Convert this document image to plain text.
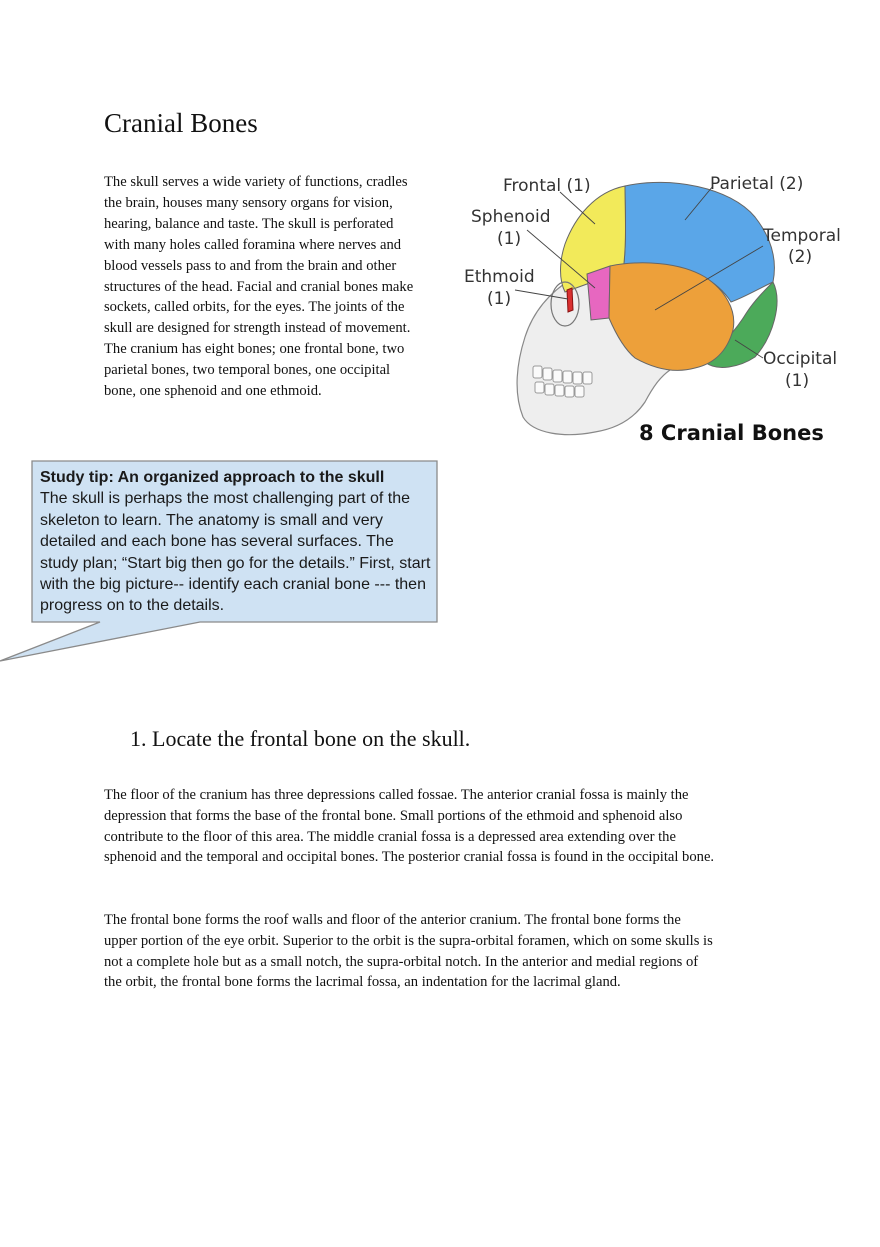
Cranial Bones

The skull serves a wide variety of functions, cradles the brain, houses many sensory organs for vision, hearing, balance and taste. The skull is perforated with many holes called foramina where nerves and blood vessels pass to and from the brain and other structures of the head. Facial and cranial bones make sockets, called orbits, for the eyes. The joints of the skull are designed for strength instead of movement. The cranium has eight bones; one frontal bone, two parietal bones, two temporal bones, one occipital bone, one sphenoid and one ethmoid.

Frontal (1)	Parietal (2)
Sphenoid
(1)	Temporal
(2)
Ethmoid
(1)
Occipital
(1)
8 Cranial Bones

Study tip: An organized approach to the skull
The skull is perhaps the most challenging part of the skeleton to learn. The anatomy is small and very detailed and each bone has several surfaces. The study plan; “Start big then go for the details.” First, start with the big picture-- identify each cranial bone --- then progress on to the details.

1. Locate the frontal bone on the skull.

The floor of the cranium has three depressions called fossae. The anterior cranial fossa is mainly the depression that forms the base of the frontal bone. Small portions of the ethmoid and sphenoid also contribute to the floor of this area. The middle cranial fossa is a depressed area extending over the sphenoid and the temporal and occipital bones. The posterior cranial fossa is found in the occipital bone.

The frontal bone forms the roof walls and floor of the anterior cranium. The frontal bone forms the upper portion of the eye orbit. Superior to the orbit is the supra-orbital foramen, which on some skulls is not a complete hole but as a small notch, the supra-orbital notch. In the anterior and medial regions of the orbit, the frontal bone forms the lacrimal fossa, an indentation for the lacrimal gland.
